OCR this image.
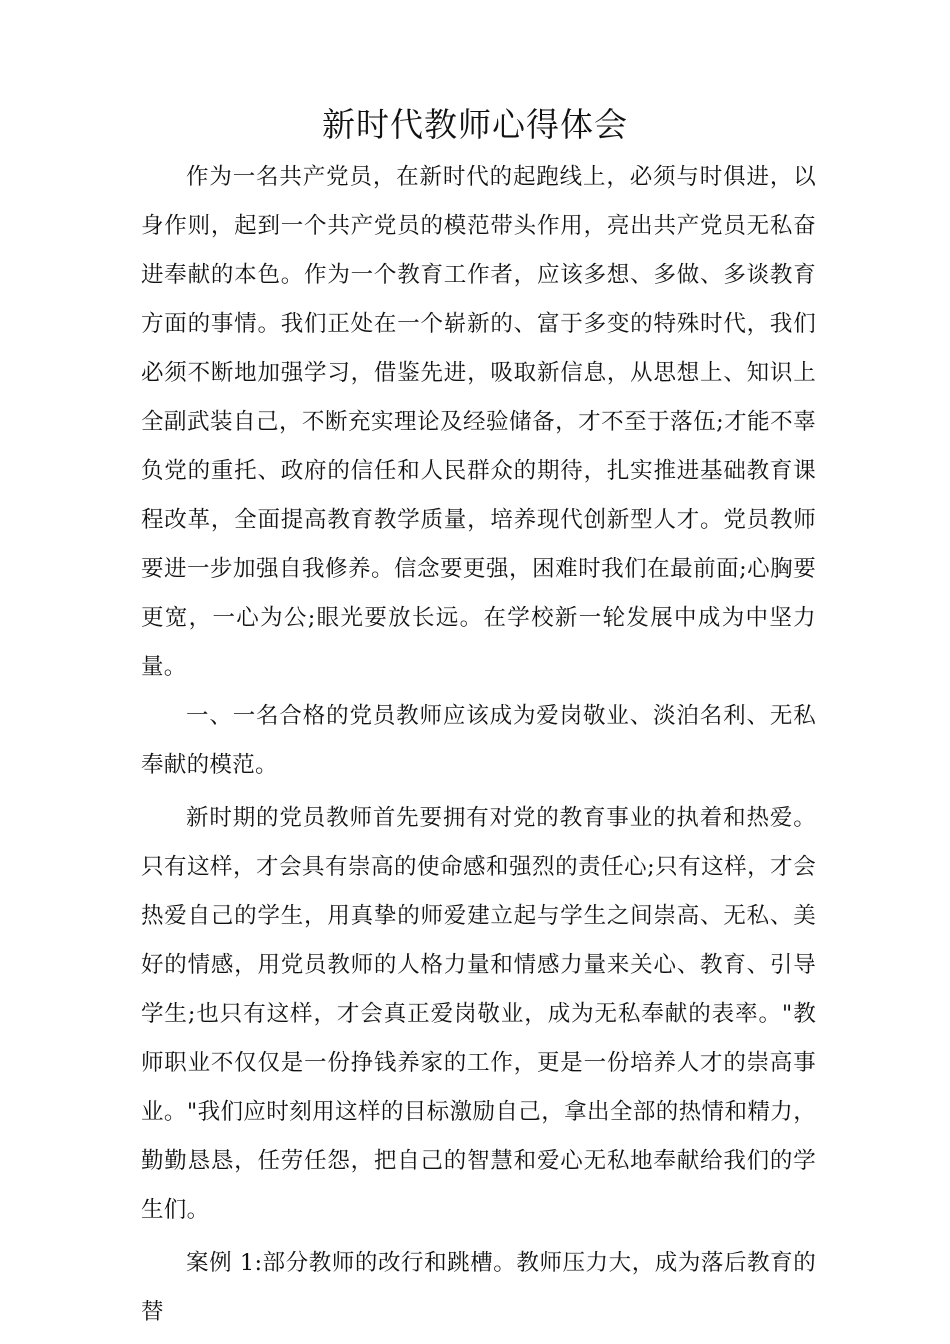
新时代教师心得体会

作为一名共产党员，在新时代的起跑线上，必须与时俱进，以身作则，起到一个共产党员的模范带头作用，亮出共产党员无私奋进奉献的本色。作为一个教育工作者，应该多想、多做、多谈教育方面的事情。我们正处在一个崭新的、富于多变的特殊时代，我们必须不断地加强学习，借鉴先进，吸取新信息，从思想上、知识上全副武装自己，不断充实理论及经验储备，才不至于落伍;才能不辜负党的重托、政府的信任和人民群众的期待，扎实推进基础教育课程改革，全面提高教育教学质量，培养现代创新型人才。党员教师要进一步加强自我修养。信念要更强，困难时我们在最前面;心胸要更宽，一心为公;眼光要放长远。在学校新一轮发展中成为中坚力量。

一、一名合格的党员教师应该成为爱岗敬业、淡泊名利、无私奉献的模范。

新时期的党员教师首先要拥有对党的教育事业的执着和热爱。只有这样，才会具有崇高的使命感和强烈的责任心;只有这样，才会热爱自己的学生，用真挚的师爱建立起与学生之间崇高、无私、美好的情感，用党员教师的人格力量和情感力量来关心、教育、引导学生;也只有这样，才会真正爱岗敬业，成为无私奉献的表率。"教师职业不仅仅是一份挣钱养家的工作，更是一份培养人才的崇高事业。"我们应时刻用这样的目标激励自己，拿出全部的热情和精力，勤勤恳恳，任劳任怨，把自己的智慧和爱心无私地奉献给我们的学生们。

案例 1:部分教师的改行和跳槽。教师压力大，成为落后教育的替
